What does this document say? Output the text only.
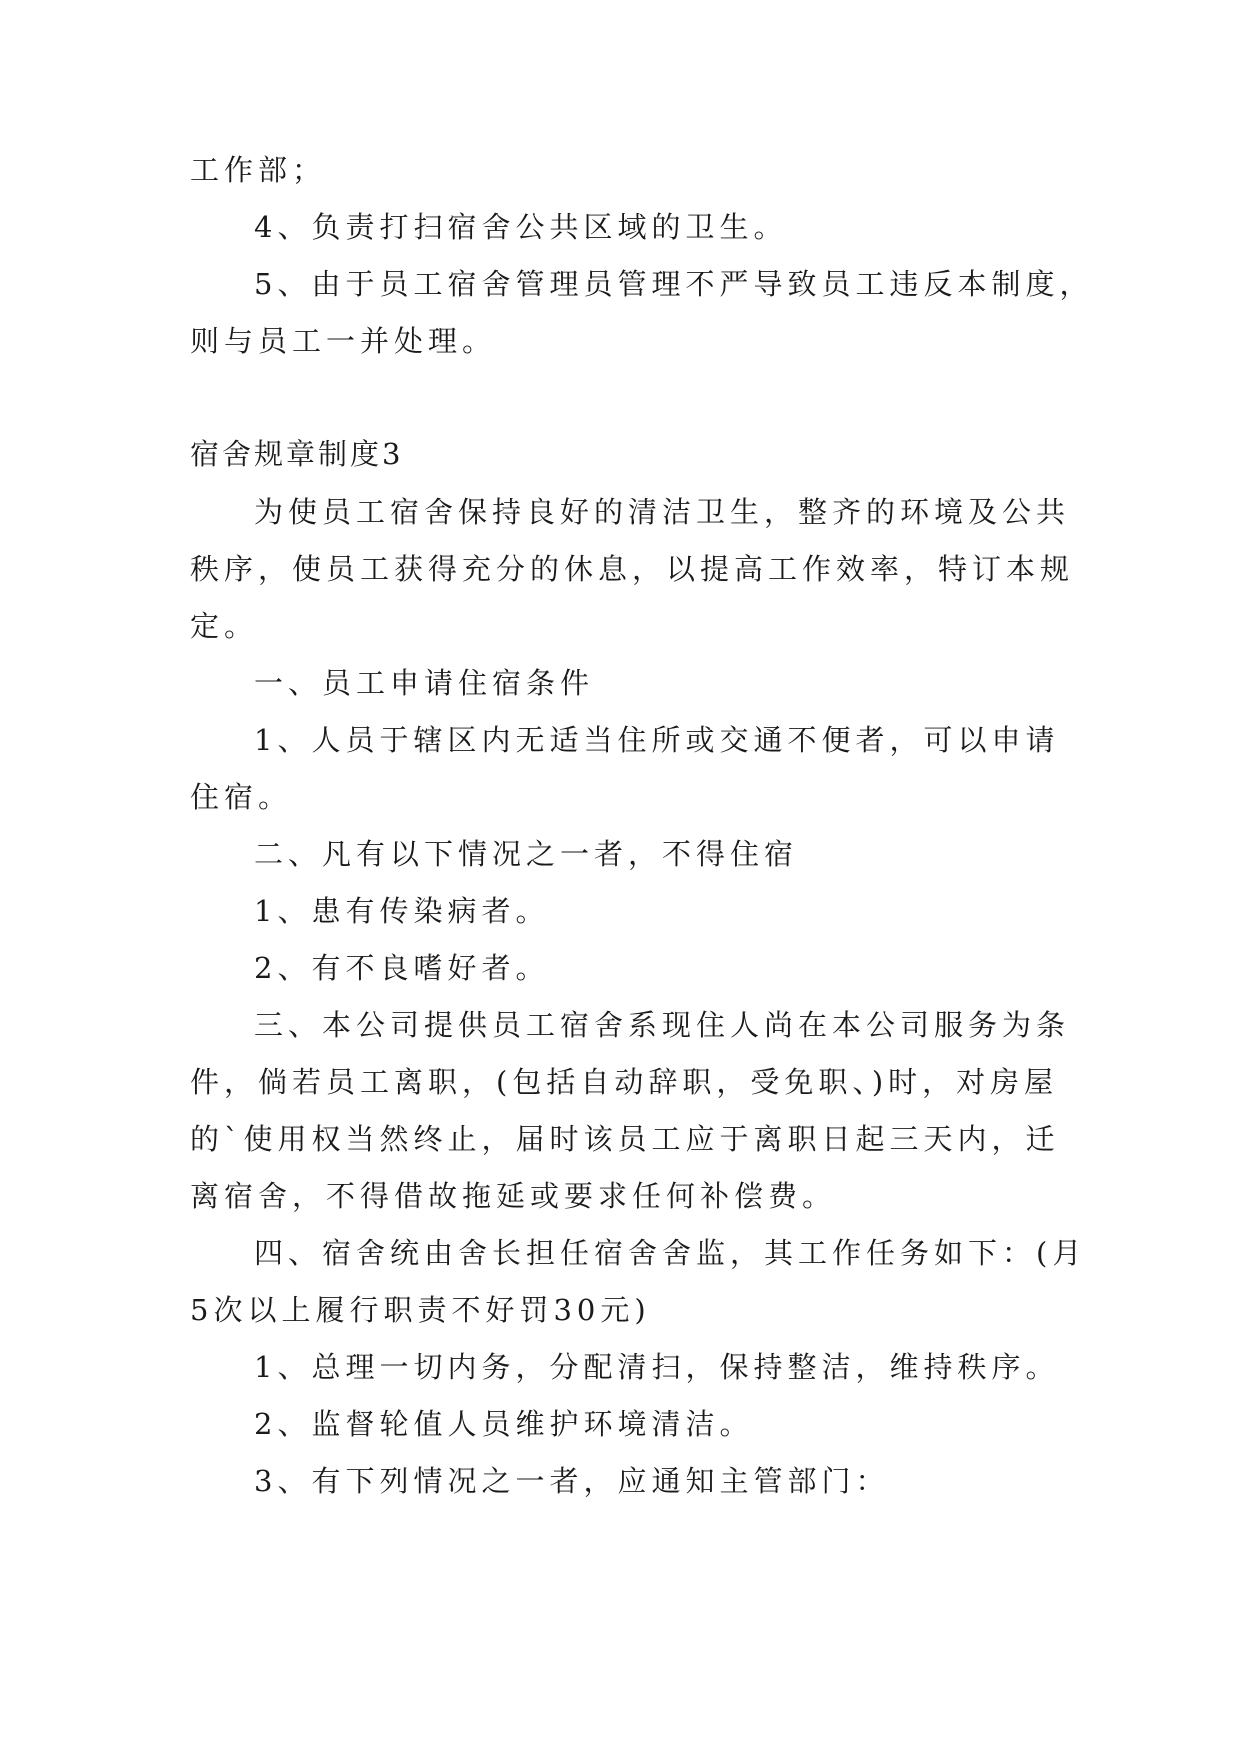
工作部；
4、负责打扫宿舍公共区域的卫生。
5、由于员工宿舍管理员管理不严导致员工违反本制度，
则与员工一并处理。
宿舍规章制度3
为使员工宿舍保持良好的清洁卫生，整齐的环境及公共
秩序，使员工获得充分的休息，以提高工作效率，特订本规
定。
一、员工申请住宿条件
1、人员于辖区内无适当住所或交通不便者，可以申请
住宿。
二、凡有以下情况之一者，不得住宿
1、患有传染病者。
2、有不良嗜好者。
三、本公司提供员工宿舍系现住人尚在本公司服务为条
件，倘若员工离职，(包括自动辞职，受免职、)时，对房屋
的`使用权当然终止，届时该员工应于离职日起三天内，迁
离宿舍，不得借故拖延或要求任何补偿费。
四、宿舍统由舍长担任宿舍舍监，其工作任务如下：(月
5次以上履行职责不好罚30元)
1、总理一切内务，分配清扫，保持整洁，维持秩序。
2、监督轮值人员维护环境清洁。
3、有下列情况之一者，应通知主管部门：
